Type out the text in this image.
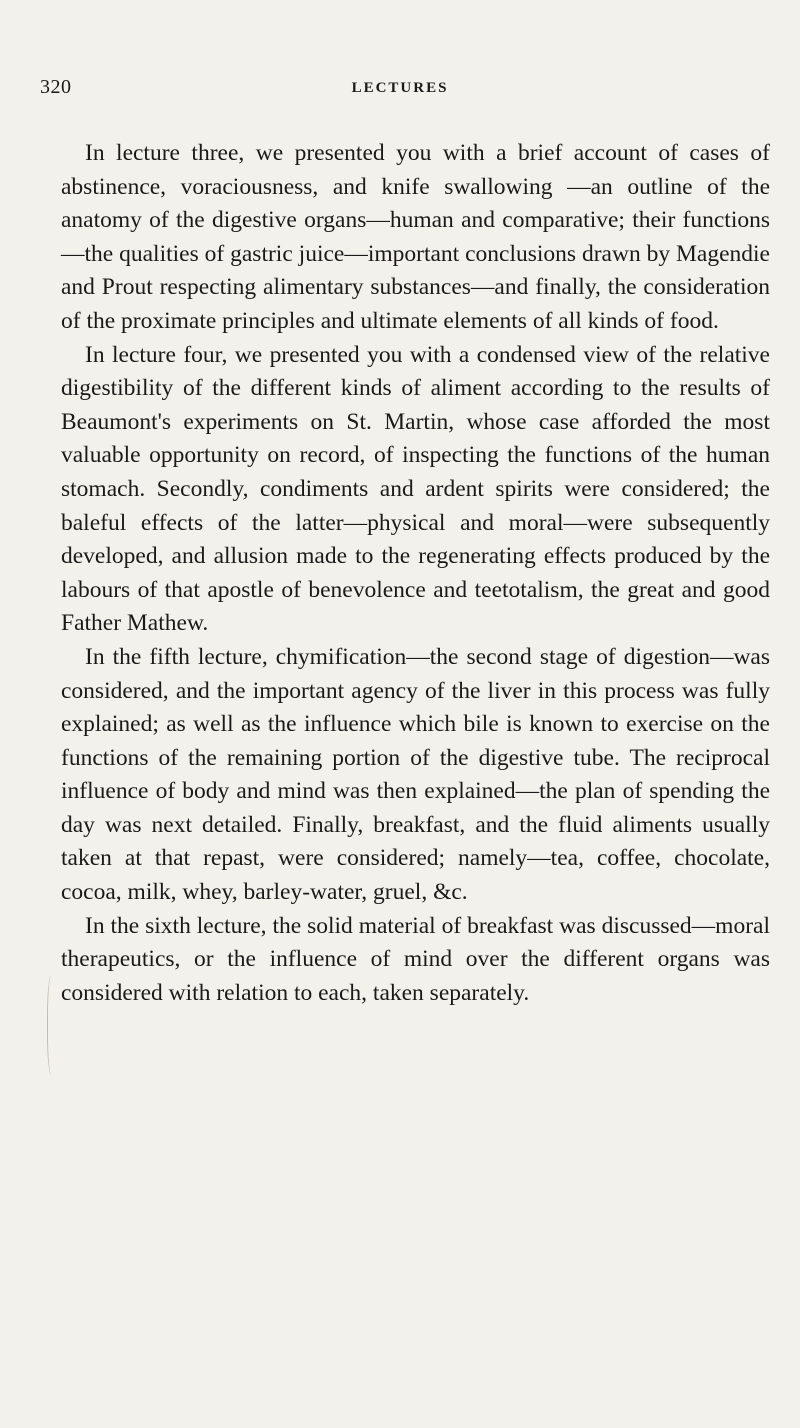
320	LECTURES

In lecture three, we presented you with a brief account of cases of abstinence, voraciousness, and knife swallowing —an outline of the anatomy of the digestive organs—human and comparative; their functions—the qualities of gastric juice—important conclusions drawn by Magendie and Prout respecting alimentary substances—and finally, the consideration of the proximate principles and ultimate elements of all kinds of food.

In lecture four, we presented you with a condensed view of the relative digestibility of the different kinds of aliment according to the results of Beaumont's experiments on St. Martin, whose case afforded the most valuable opportunity on record, of inspecting the functions of the human stomach. Secondly, condiments and ardent spirits were considered; the baleful effects of the latter—physical and moral—were subsequently developed, and allusion made to the regenerating effects produced by the labours of that apostle of benevolence and teetotalism, the great and good Father Mathew.

In the fifth lecture, chymification—the second stage of digestion—was considered, and the important agency of the liver in this process was fully explained; as well as the influence which bile is known to exercise on the functions of the remaining portion of the digestive tube. The reciprocal influence of body and mind was then explained—the plan of spending the day was next detailed. Finally, breakfast, and the fluid aliments usually taken at that repast, were considered; namely—tea, coffee, chocolate, cocoa, milk, whey, barley-water, gruel, &c.

In the sixth lecture, the solid material of breakfast was discussed—moral therapeutics, or the influence of mind over the different organs was considered with relation to each, taken separately.
